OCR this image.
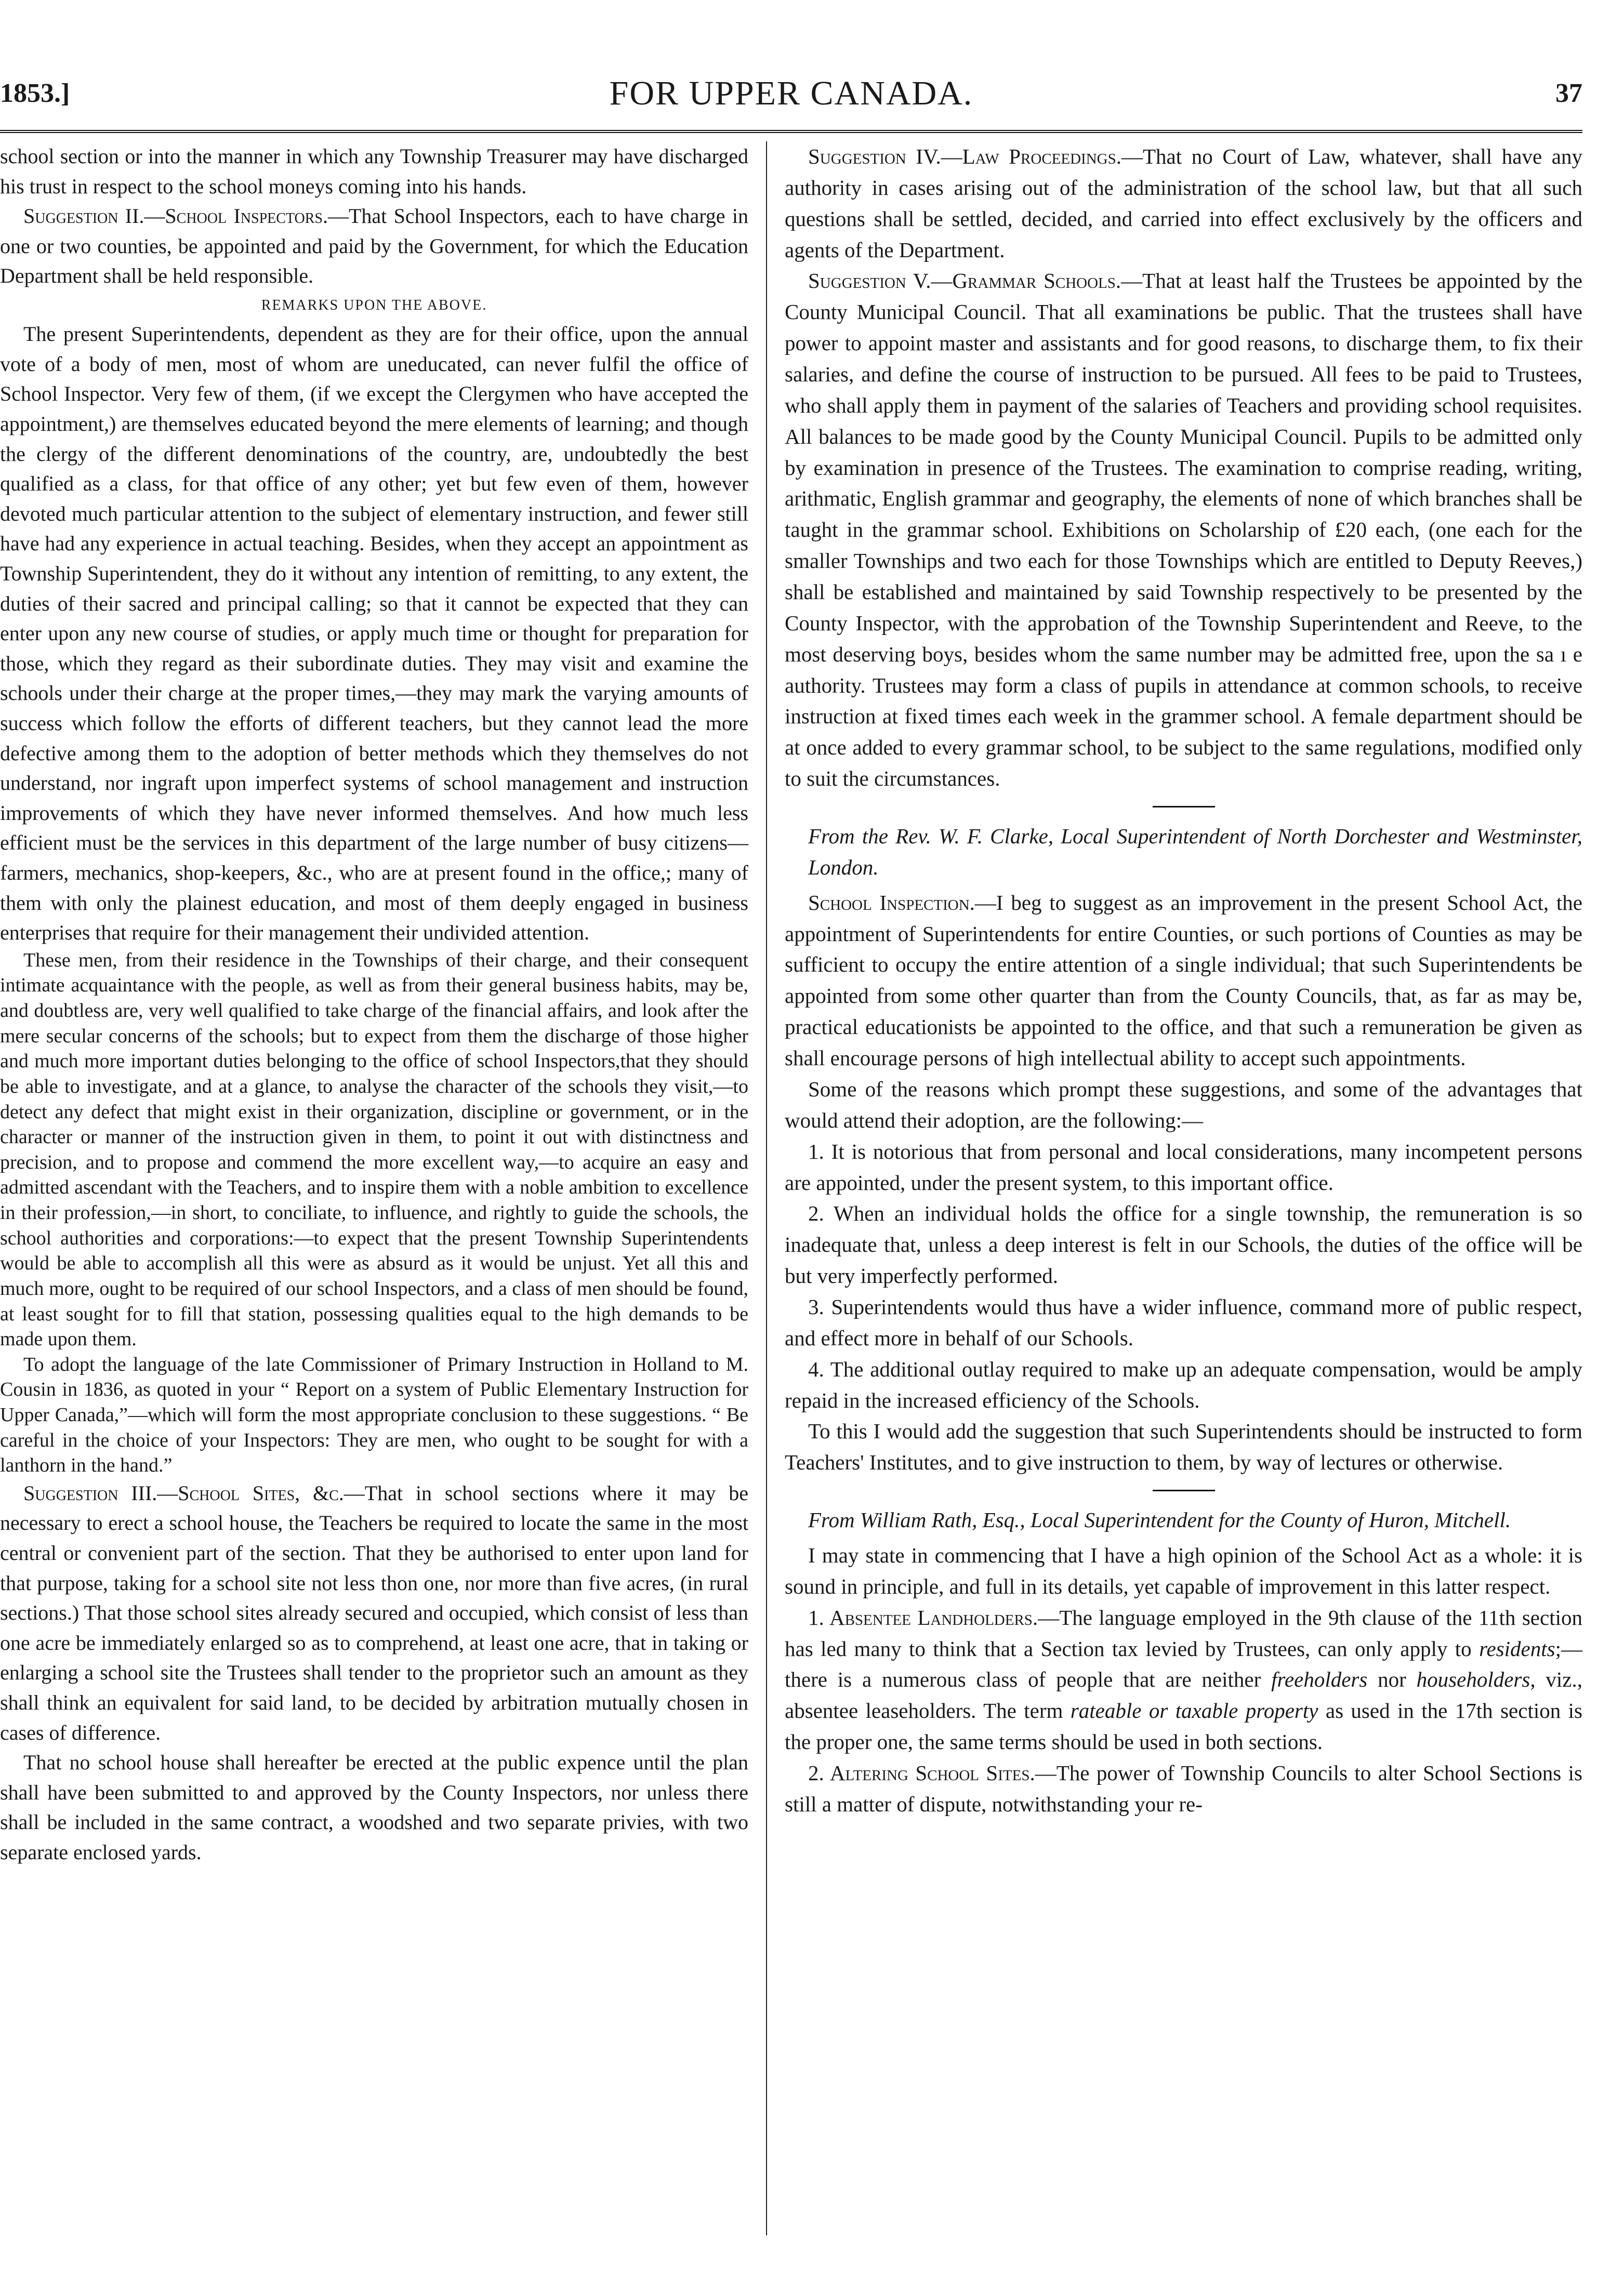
1853.]	FOR UPPER CANADA.	37

school section or into the manner in which any Township Treasurer may have discharged his trust in respect to the school moneys coming into his hands.

Suggestion II.—School Inspectors.—That School Inspectors, each to have charge in one or two counties, be appointed and paid by the Government, for which the Education Department shall be held responsible.

REMARKS UPON THE ABOVE.

The present Superintendents, dependent as they are for their office, upon the annual vote of a body of men, most of whom are uneducated, can never fulfil the office of School Inspector. Very few of them, (if we except the Clergymen who have accepted the appointment,) are themselves educated beyond the mere elements of learning; and though the clergy of the different denominations of the country, are, undoubtedly the best qualified as a class, for that office of any other; yet but few even of them, however devoted much particular attention to the subject of elementary instruction, and fewer still have had any experience in actual teaching. Besides, when they accept an appointment as Township Superintendent, they do it without any intention of remitting, to any extent, the duties of their sacred and principal calling; so that it cannot be expected that they can enter upon any new course of studies, or apply much time or thought for preparation for those, which they regard as their subordinate duties. They may visit and examine the schools under their charge at the proper times,—they may mark the varying amounts of success which follow the efforts of different teachers, but they cannot lead the more defective among them to the adoption of better methods which they themselves do not understand, nor ingraft upon imperfect systems of school management and instruction improvements of which they have never informed themselves. And how much less efficient must be the services in this department of the large number of busy citizens—farmers, mechanics, shop-keepers, &c., who are at present found in the office,; many of them with only the plainest education, and most of them deeply engaged in business enterprises that require for their management their undivided attention.

These men, from their residence in the Townships of their charge, and their consequent intimate acquaintance with the people, as well as from their general business habits, may be, and doubtless are, very well qualified to take charge of the financial affairs, and look after the mere secular concerns of the schools; but to expect from them the discharge of those higher and much more important duties belonging to the office of school Inspectors,that they should be able to investigate, and at a glance, to analyse the character of the schools they visit,—to detect any defect that might exist in their organization, discipline or government, or in the character or manner of the instruction given in them, to point it out with distinctness and precision, and to propose and commend the more excellent way,—to acquire an easy and admitted ascendant with the Teachers, and to inspire them with a noble ambition to excellence in their profession,—in short, to conciliate, to influence, and rightly to guide the schools, the school authorities and corporations:—to expect that the present Township Superintendents would be able to accomplish all this were as absurd as it would be unjust. Yet all this and much more, ought to be required of our school Inspectors, and a class of men should be found, at least sought for to fill that station, possessing qualities equal to the high demands to be made upon them.

To adopt the language of the late Commissioner of Primary Instruction in Holland to M. Cousin in 1836, as quoted in your “ Report on a system of Public Elementary Instruction for Upper Canada,”—which will form the most appropriate conclusion to these suggestions. “ Be careful in the choice of your Inspectors: They are men, who ought to be sought for with a lanthorn in the hand.”

Suggestion III.—School Sites, &c.—That in school sections where it may be necessary to erect a school house, the Teachers be required to locate the same in the most central or convenient part of the section. That they be authorised to enter upon land for that purpose, taking for a school site not less thon one, nor more than five acres, (in rural sections.) That those school sites already secured and occupied, which consist of less than one acre be immediately enlarged so as to comprehend, at least one acre, that in taking or enlarging a school site the Trustees shall tender to the proprietor such an amount as they shall think an equivalent for said land, to be decided by arbitration mutually chosen in cases of difference.

That no school house shall hereafter be erected at the public expence until the plan shall have been submitted to and approved by the County Inspectors, nor unless there shall be included in the same contract, a woodshed and two separate privies, with two separate enclosed yards.

Suggestion IV.—Law Proceedings.—That no Court of Law, whatever, shall have any authority in cases arising out of the administration of the school law, but that all such questions shall be settled, decided, and carried into effect exclusively by the officers and agents of the Department.

Suggestion V.—Grammar Schools.—That at least half the Trustees be appointed by the County Municipal Council. That all examinations be public. That the trustees shall have power to appoint master and assistants and for good reasons, to discharge them, to fix their salaries, and define the course of instruction to be pursued. All fees to be paid to Trustees, who shall apply them in payment of the salaries of Teachers and providing school requisites. All balances to be made good by the County Municipal Council. Pupils to be admitted only by examination in presence of the Trustees. The examination to comprise reading, writing, arithmatic, English grammar and geography, the elements of none of which branches shall be taught in the grammar school. Exhibitions on Scholarship of £20 each, (one each for the smaller Townships and two each for those Townships which are entitled to Deputy Reeves,) shall be established and maintained by said Township respectively to be presented by the County Inspector, with the approbation of the Township Superintendent and Reeve, to the most deserving boys, besides whom the same number may be admitted free, upon the sa ı e authority. Trustees may form a class of pupils in attendance at common schools, to receive instruction at fixed times each week in the grammer school. A female department should be at once added to every grammar school, to be subject to the same regulations, modified only to suit the circumstances.

From the Rev. W. F. Clarke, Local Superintendent of North Dorchester and Westminster, London.

School Inspection.—I beg to suggest as an improvement in the present School Act, the appointment of Superintendents for entire Counties, or such portions of Counties as may be sufficient to occupy the entire attention of a single individual; that such Superintendents be appointed from some other quarter than from the County Councils, that, as far as may be, practical educationists be appointed to the office, and that such a remuneration be given as shall encourage persons of high intellectual ability to accept such appointments.

Some of the reasons which prompt these suggestions, and some of the advantages that would attend their adoption, are the following:—

1. It is notorious that from personal and local considerations, many incompetent persons are appointed, under the present system, to this important office.

2. When an individual holds the office for a single township, the remuneration is so inadequate that, unless a deep interest is felt in our Schools, the duties of the office will be but very imperfectly performed.

3. Superintendents would thus have a wider influence, command more of public respect, and effect more in behalf of our Schools.

4. The additional outlay required to make up an adequate compensation, would be amply repaid in the increased efficiency of the Schools.

To this I would add the suggestion that such Superintendents should be instructed to form Teachers' Institutes, and to give instruction to them, by way of lectures or otherwise.

From William Rath, Esq., Local Superintendent for the County of Huron, Mitchell.

I may state in commencing that I have a high opinion of the School Act as a whole: it is sound in principle, and full in its details, yet capable of improvement in this latter respect.

1. Absentee Landholders.—The language employed in the 9th clause of the 11th section has led many to think that a Section tax levied by Trustees, can only apply to residents;—there is a numerous class of people that are neither freeholders nor householders, viz., absentee leaseholders. The term rateable or taxable property as used in the 17th section is the proper one, the same terms should be used in both sections.

2. Altering School Sites.—The power of Township Councils to alter School Sections is still a matter of dispute, notwithstanding your re-
